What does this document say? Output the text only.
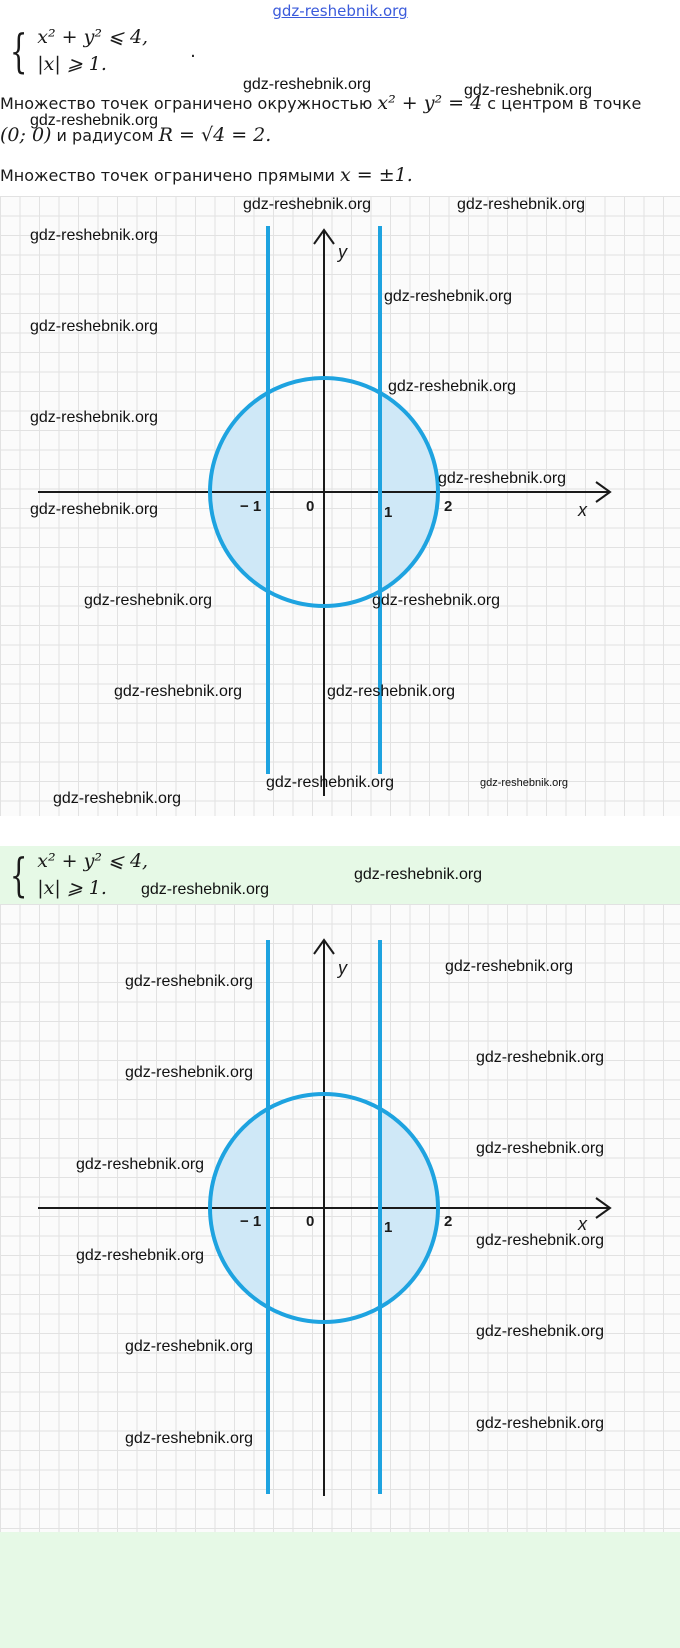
gdz-reshebnik.org
{ x² + y² ⩽ 4,
|x| ⩾ 1.
.
Множество точек ограничено окружностью x² + y² = 4 с центром в точке
(0; 0) и радиусом R = √4 = 2.
Множество точек ограничено прямыми x = ±1.
y
x
− 1	0	1	2
{ x² + y² ⩽ 4,
|x| ⩾ 1.
y
x
− 1	0	1	2
gdz-reshebnik.org	gdz-reshebnik.org
gdz-reshebnik.org
gdz-reshebnik.org	gdz-reshebnik.org
gdz-reshebnik.org
gdz-reshebnik.org
gdz-reshebnik.org
gdz-reshebnik.org
gdz-reshebnik.org
gdz-reshebnik.org
gdz-reshebnik.org
gdz-reshebnik.org	gdz-reshebnik.org
gdz-reshebnik.org	gdz-reshebnik.org
gdz-reshebnik.org	gdz-reshebnik.org
gdz-reshebnik.org
gdz-reshebnik.org
gdz-reshebnik.org
gdz-reshebnik.org
gdz-reshebnik.org
gdz-reshebnik.org
gdz-reshebnik.org
gdz-reshebnik.org
gdz-reshebnik.org
gdz-reshebnik.org
gdz-reshebnik.org
gdz-reshebnik.org
gdz-reshebnik.org
gdz-reshebnik.org
gdz-reshebnik.org
